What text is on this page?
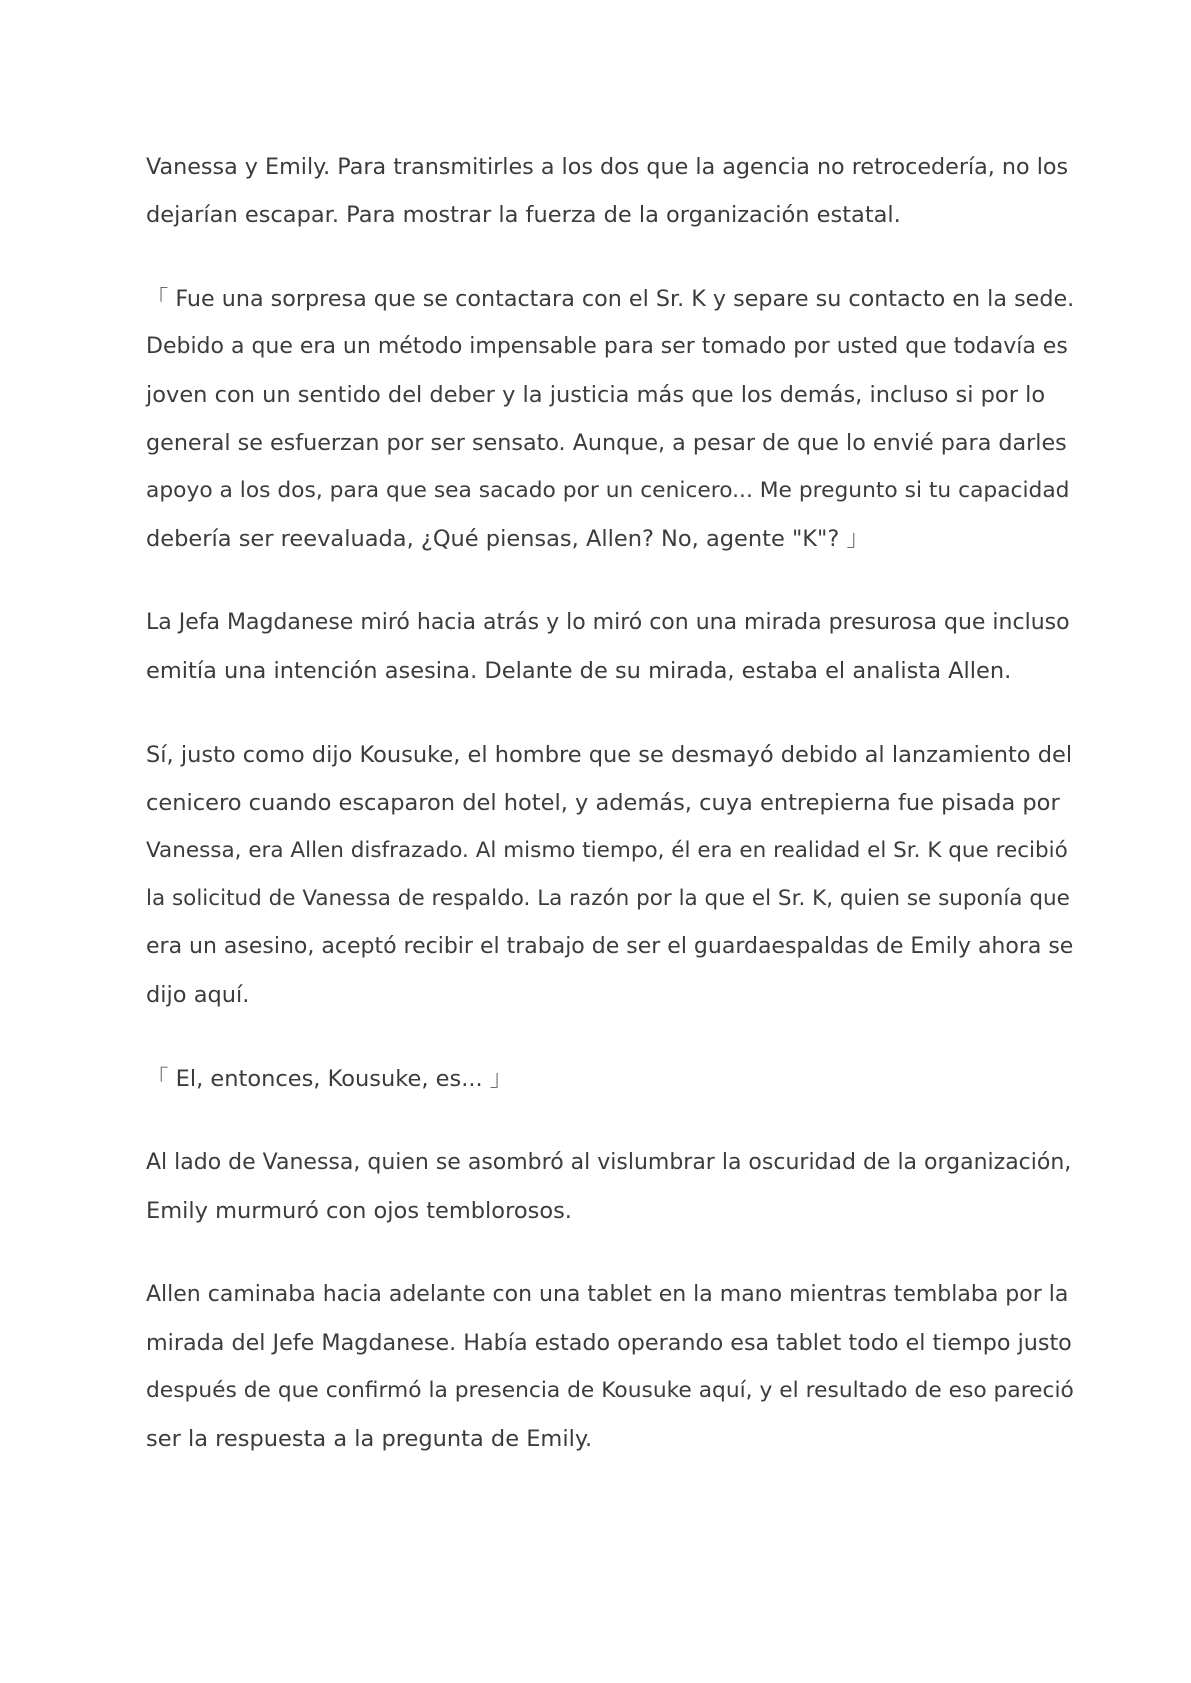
Vanessa y Emily. Para transmitirles a los dos que la agencia no retrocedería, no los
dejarían escapar. Para mostrar la fuerza de la organización estatal.

「 Fue una sorpresa que se contactara con el Sr. K y separe su contacto en la sede.
Debido a que era un método impensable para ser tomado por usted que todavía es
joven con un sentido del deber y la justicia más que los demás, incluso si por lo
general se esfuerzan por ser sensato. Aunque, a pesar de que lo envié para darles
apoyo a los dos, para que sea sacado por un cenicero... Me pregunto si tu capacidad
debería ser reevaluada, ¿Qué piensas, Allen? No, agente "K"? 」

La Jefa Magdanese miró hacia atrás y lo miró con una mirada presurosa que incluso
emitía una intención asesina. Delante de su mirada, estaba el analista Allen.

Sí, justo como dijo Kousuke, el hombre que se desmayó debido al lanzamiento del
cenicero cuando escaparon del hotel, y además, cuya entrepierna fue pisada por
Vanessa, era Allen disfrazado. Al mismo tiempo, él era en realidad el Sr. K que recibió
la solicitud de Vanessa de respaldo. La razón por la que el Sr. K, quien se suponía que
era un asesino, aceptó recibir el trabajo de ser el guardaespaldas de Emily ahora se
dijo aquí.

「 El, entonces, Kousuke, es... 」

Al lado de Vanessa, quien se asombró al vislumbrar la oscuridad de la organización,
Emily murmuró con ojos temblorosos.

Allen caminaba hacia adelante con una tablet en la mano mientras temblaba por la
mirada del Jefe Magdanese. Había estado operando esa tablet todo el tiempo justo
después de que confirmó la presencia de Kousuke aquí, y el resultado de eso pareció
ser la respuesta a la pregunta de Emily.
